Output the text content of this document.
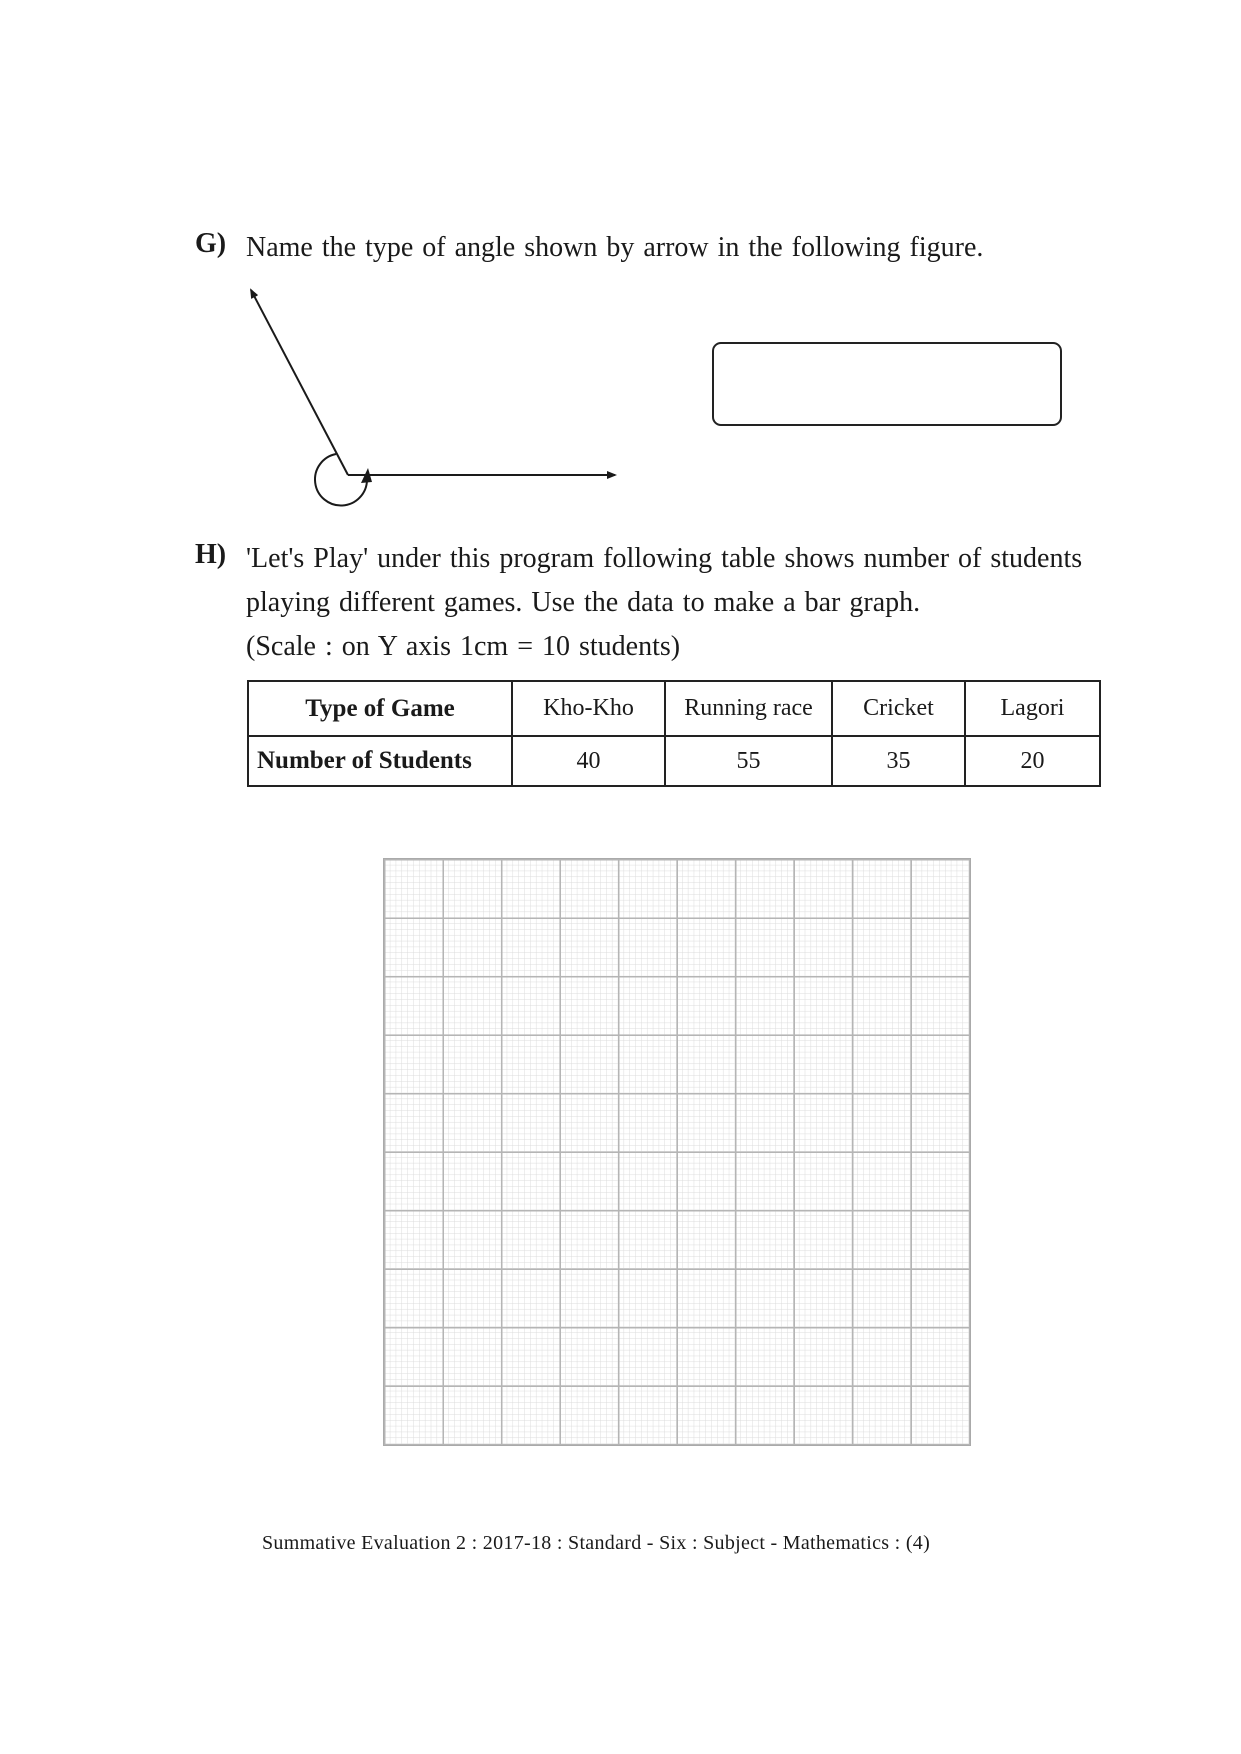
G) Name the type of angle shown by arrow in the following figure.
H) 'Let's Play' under this program following table shows number of students
playing different games. Use the data to make a bar graph.
(Scale : on Y axis 1cm = 10 students)
Type of Game	Kho-Kho	Running race	Cricket	Lagori
Number of Students	40	55	35	20
Summative Evaluation 2 : 2017-18 : Standard - Six : Subject - Mathematics : (4)
